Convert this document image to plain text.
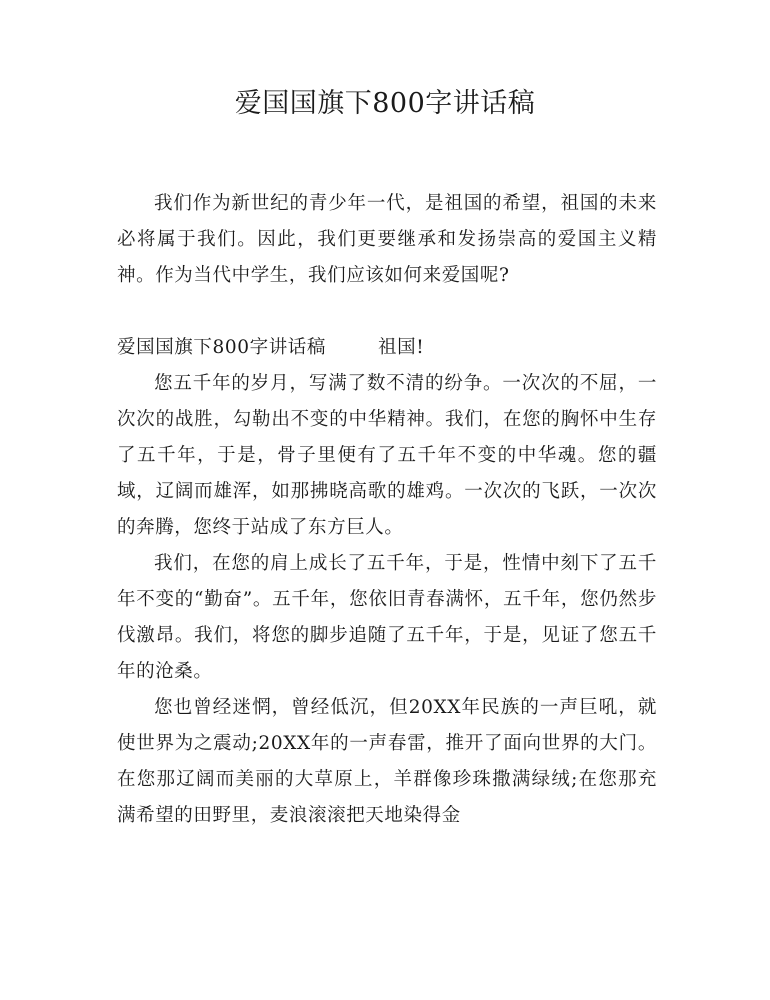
爱国国旗下800字讲话稿

我们作为新世纪的青少年一代，是祖国的希望，祖国的未来必将属于我们。因此，我们更要继承和发扬崇高的爱国主义精神。作为当代中学生，我们应该如何来爱国呢?

爱国国旗下800字讲话稿	祖国!

您五千年的岁月，写满了数不清的纷争。一次次的不屈，一次次的战胜，勾勒出不变的中华精神。我们，在您的胸怀中生存了五千年，于是，骨子里便有了五千年不变的中华魂。您的疆域，辽阔而雄浑，如那拂晓高歌的雄鸡。一次次的飞跃，一次次的奔腾，您终于站成了东方巨人。

我们，在您的肩上成长了五千年，于是，性情中刻下了五千年不变的“勤奋”。五千年，您依旧青春满怀，五千年，您仍然步伐激昂。我们，将您的脚步追随了五千年，于是，见证了您五千年的沧桑。

您也曾经迷惘，曾经低沉，但20XX年民族的一声巨吼，就使世界为之震动;20XX年的一声春雷，推开了面向世界的大门。在您那辽阔而美丽的大草原上，羊群像珍珠撒满绿绒;在您那充满希望的田野里，麦浪滚滚把天地染得金
